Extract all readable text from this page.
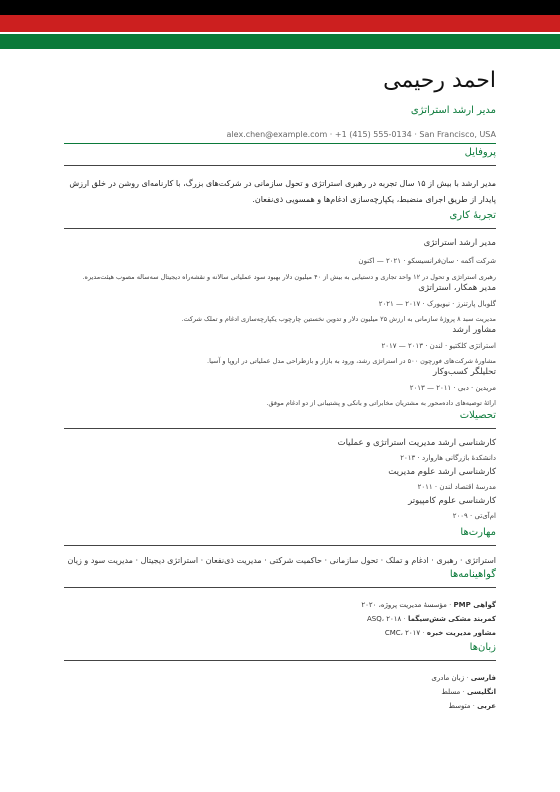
احمد رحیمی
مدیر ارشد استراتژی
alex.chen@example.com · +1 (415) 555-0134 · San Francisco, USA
پروفایل

مدیر ارشد با بیش از ۱۵ سال تجربه در رهبری استراتژی و تحول سازمانی در شرکت‌های بزرگ، با کارنامه‌ای روشن در خلق ارزش پایدار از طریق اجرای منضبط، یکپارچه‌سازی ادغام‌ها و همسویی ذی‌نفعان.

تجربهٔ کاری
مدیر ارشد استراتژی
شرکت آکمه · سان‌فرانسیسکو · ۲۰۲۱ — اکنون
رهبری استراتژی و تحول در ۱۲ واحد تجاری و دستیابی به بیش از ۴۰ میلیون دلار بهبود سود عملیاتی سالانه و نقشه‌راه دیجیتال سه‌ساله مصوب هیئت‌مدیره.
مدیر همکار، استراتژی
گلوبال پارتنرز · نیویورک · ۲۰۱۷ — ۲۰۲۱
مدیریت سبد ۸ پروژهٔ سازمانی به ارزش ۲۵ میلیون دلار و تدوین نخستین چارچوب یکپارچه‌سازی ادغام و تملک شرکت.
مشاور ارشد
استراتژی کلکتیو · لندن · ۲۰۱۳ — ۲۰۱۷
مشاورهٔ شرکت‌های فورچون ۵۰۰ در استراتژی رشد، ورود به بازار و بازطراحی مدل عملیاتی در اروپا و آسیا.
تحلیلگر کسب‌وکار
مریدین · دبی · ۲۰۱۱ — ۲۰۱۳
ارائهٔ توصیه‌های داده‌محور به مشتریان مخابراتی و بانکی و پشتیبانی از دو ادغام موفق.
تحصیلات
کارشناسی ارشد مدیریت استراتژی و عملیات
دانشکدهٔ بازرگانی هاروارد · ۲۰۱۳
کارشناسی ارشد علوم مدیریت
مدرسهٔ اقتصاد لندن · ۲۰۱۱
کارشناسی علوم کامپیوتر
ام‌آی‌تی · ۲۰۰۹
مهارت‌ها
استراتژی · رهبری · ادغام و تملک · تحول سازمانی · حاکمیت شرکتی · مدیریت ذی‌نفعان · استراتژی دیجیتال · مدیریت سود و زیان
گواهینامه‌ها
گواهی PMP · مؤسسهٔ مدیریت پروژه، ۲۰۲۰
کمربند مشکی شش‌سیگما · ASQ، ۲۰۱۸
مشاور مدیریت خبره · CMC، ۲۰۱۷
زبان‌ها
فارسی · زبان مادری
انگلیسی · مسلط
عربی · متوسط
